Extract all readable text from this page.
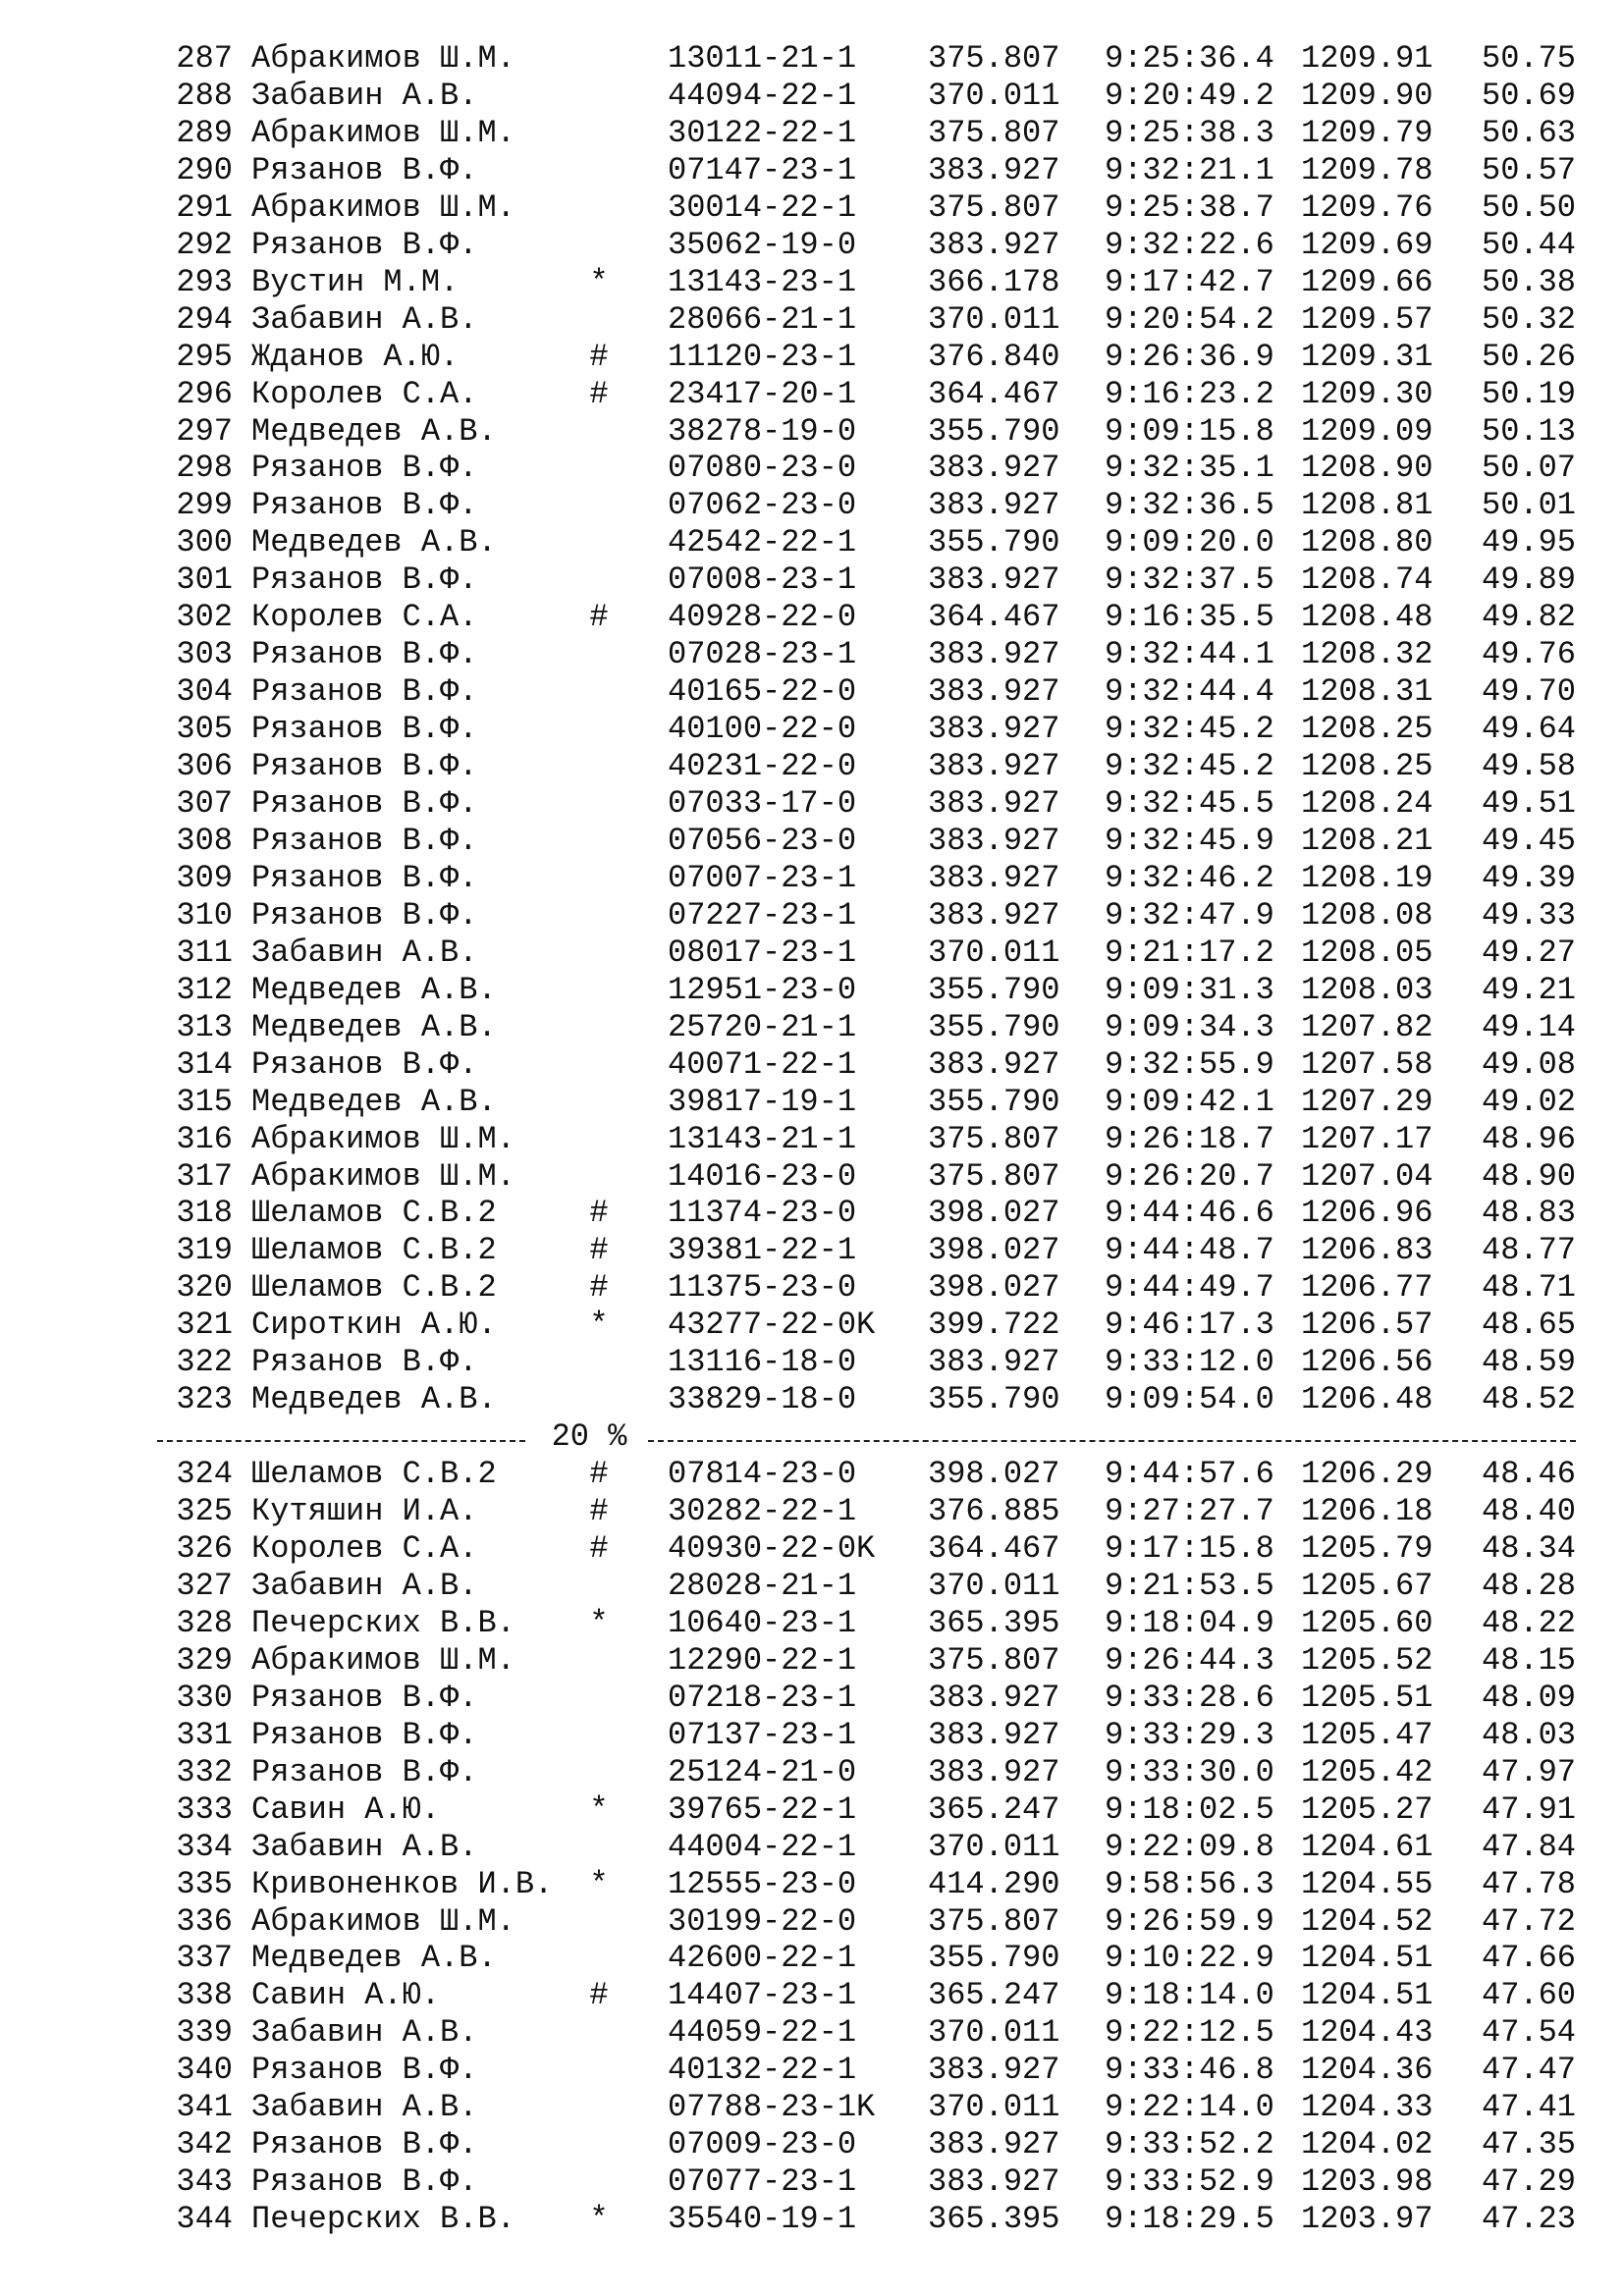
287 Абракимов Ш.М.	13011-21-1 375.807 9:25:36.4 1209.91 50.75
288 Забавин А.В.	44094-22-1 370.011 9:20:49.2 1209.90 50.69
289 Абракимов Ш.М.	30122-22-1 375.807 9:25:38.3 1209.79 50.63
290 Рязанов В.Ф.	07147-23-1 383.927 9:32:21.1 1209.78 50.57
291 Абракимов Ш.М.	30014-22-1 375.807 9:25:38.7 1209.76 50.50
292 Рязанов В.Ф.	35062-19-0 383.927 9:32:22.6 1209.69 50.44
293 Вустин М.М.	* 13143-23-1 366.178 9:17:42.7 1209.66 50.38
294 Забавин А.В.	28066-21-1 370.011 9:20:54.2 1209.57 50.32
295 Жданов А.Ю.	# 11120-23-1 376.840 9:26:36.9 1209.31 50.26
296 Королев С.А.	# 23417-20-1 364.467 9:16:23.2 1209.30 50.19
297 Медведев А.В.	38278-19-0 355.790 9:09:15.8 1209.09 50.13
298 Рязанов В.Ф.	07080-23-0 383.927 9:32:35.1 1208.90 50.07
299 Рязанов В.Ф.	07062-23-0 383.927 9:32:36.5 1208.81 50.01
300 Медведев А.В.	42542-22-1 355.790 9:09:20.0 1208.80 49.95
301 Рязанов В.Ф.	07008-23-1 383.927 9:32:37.5 1208.74 49.89
302 Королев С.А.	# 40928-22-0 364.467 9:16:35.5 1208.48 49.82
303 Рязанов В.Ф.	07028-23-1 383.927 9:32:44.1 1208.32 49.76
304 Рязанов В.Ф.	40165-22-0 383.927 9:32:44.4 1208.31 49.70
305 Рязанов В.Ф.	40100-22-0 383.927 9:32:45.2 1208.25 49.64
306 Рязанов В.Ф.	40231-22-0 383.927 9:32:45.2 1208.25 49.58
307 Рязанов В.Ф.	07033-17-0 383.927 9:32:45.5 1208.24 49.51
308 Рязанов В.Ф.	07056-23-0 383.927 9:32:45.9 1208.21 49.45
309 Рязанов В.Ф.	07007-23-1 383.927 9:32:46.2 1208.19 49.39
310 Рязанов В.Ф.	07227-23-1 383.927 9:32:47.9 1208.08 49.33
311 Забавин А.В.	08017-23-1 370.011 9:21:17.2 1208.05 49.27
312 Медведев А.В.	12951-23-0 355.790 9:09:31.3 1208.03 49.21
313 Медведев А.В.	25720-21-1 355.790 9:09:34.3 1207.82 49.14
314 Рязанов В.Ф.	40071-22-1 383.927 9:32:55.9 1207.58 49.08
315 Медведев А.В.	39817-19-1 355.790 9:09:42.1 1207.29 49.02
316 Абракимов Ш.М.	13143-21-1 375.807 9:26:18.7 1207.17 48.96
317 Абракимов Ш.М.	14016-23-0 375.807 9:26:20.7 1207.04 48.90
318 Шеламов С.В.2	# 11374-23-0 398.027 9:44:46.6 1206.96 48.83
319 Шеламов С.В.2	# 39381-22-1 398.027 9:44:48.7 1206.83 48.77
320 Шеламов С.В.2	# 11375-23-0 398.027 9:44:49.7 1206.77 48.71
321 Сироткин А.Ю.	* 43277-22-0K 399.722 9:46:17.3 1206.57 48.65
322 Рязанов В.Ф.	13116-18-0 383.927 9:33:12.0 1206.56 48.59
323 Медведев А.В.	33829-18-0 355.790 9:09:54.0 1206.48 48.52
20 %
324 Шеламов С.В.2	# 07814-23-0 398.027 9:44:57.6 1206.29 48.46
325 Кутяшин И.А.	# 30282-22-1 376.885 9:27:27.7 1206.18 48.40
326 Королев С.А.	# 40930-22-0K 364.467 9:17:15.8 1205.79 48.34
327 Забавин А.В.	28028-21-1 370.011 9:21:53.5 1205.67 48.28
328 Печерских В.В. * 10640-23-1 365.395 9:18:04.9 1205.60 48.22
329 Абракимов Ш.М.	12290-22-1 375.807 9:26:44.3 1205.52 48.15
330 Рязанов В.Ф.	07218-23-1 383.927 9:33:28.6 1205.51 48.09
331 Рязанов В.Ф.	07137-23-1 383.927 9:33:29.3 1205.47 48.03
332 Рязанов В.Ф.	25124-21-0 383.927 9:33:30.0 1205.42 47.97
333 Савин А.Ю.	* 39765-22-1 365.247 9:18:02.5 1205.27 47.91
334 Забавин А.В.	44004-22-1 370.011 9:22:09.8 1204.61 47.84
335 Кривоненков И.В. * 12555-23-0 414.290 9:58:56.3 1204.55 47.78
336 Абракимов Ш.М.	30199-22-0 375.807 9:26:59.9 1204.52 47.72
337 Медведев А.В.	42600-22-1 355.790 9:10:22.9 1204.51 47.66
338 Савин А.Ю.	# 14407-23-1 365.247 9:18:14.0 1204.51 47.60
339 Забавин А.В.	44059-22-1 370.011 9:22:12.5 1204.43 47.54
340 Рязанов В.Ф.	40132-22-1 383.927 9:33:46.8 1204.36 47.47
341 Забавин А.В.	07788-23-1K 370.011 9:22:14.0 1204.33 47.41
342 Рязанов В.Ф.	07009-23-0 383.927 9:33:52.2 1204.02 47.35
343 Рязанов В.Ф.	07077-23-1 383.927 9:33:52.9 1203.98 47.29
344 Печерских В.В. * 35540-19-1 365.395 9:18:29.5 1203.97 47.23
